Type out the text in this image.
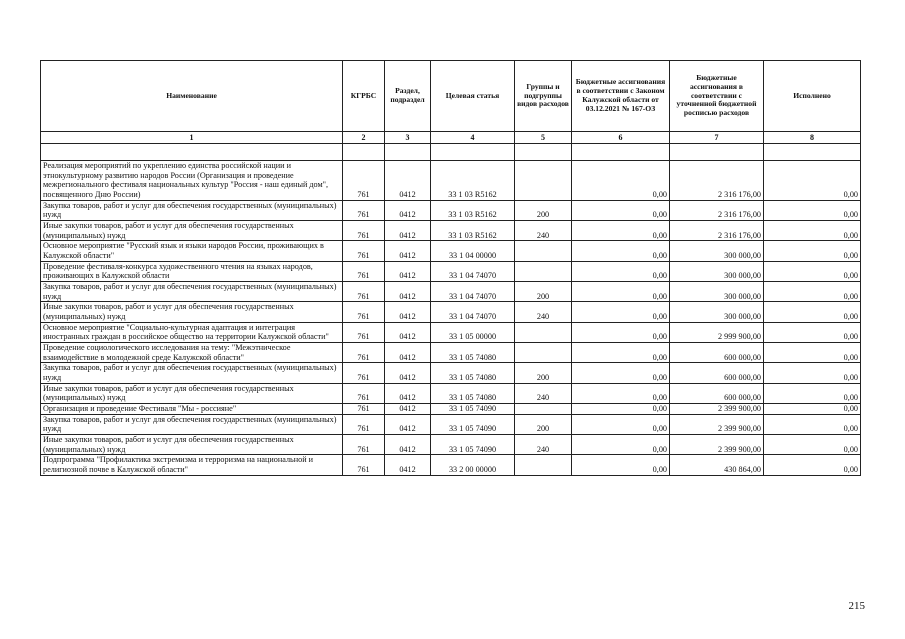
Наименование	КГРБС	Раздел, подраздел	Целевая статья	Группы и подгруппы видов расходов	Бюджетные ассигнования в соответствии с Законом Калужской области от 03.12.2021 № 167-ОЗ	Бюджетные ассигнования в соответствии с уточненной бюджетной росписью расходов	Исполнено
1	2	3	4	5	6	7	8

Реализация мероприятий по укреплению единства российской нации и этнокультурному развитию народов России (Организация и проведение межрегионального фестиваля национальных культур "Россия - наш единый дом", посвященного Дню России)	761	0412	33 1 03 R5162		0,00	2 316 176,00	0,00
Закупка товаров, работ и услуг для обеспечения государственных (муниципальных) нужд	761	0412	33 1 03 R5162	200	0,00	2 316 176,00	0,00
Иные закупки товаров, работ и услуг для обеспечения государственных (муниципальных) нужд	761	0412	33 1 03 R5162	240	0,00	2 316 176,00	0,00
Основное мероприятие "Русский язык и языки народов России, проживающих в Калужской области"	761	0412	33 1 04 00000		0,00	300 000,00	0,00
Проведение фестиваля-конкурса художественного чтения на языках народов, проживающих в Калужской области	761	0412	33 1 04 74070		0,00	300 000,00	0,00
Закупка товаров, работ и услуг для обеспечения государственных (муниципальных) нужд	761	0412	33 1 04 74070	200	0,00	300 000,00	0,00
Иные закупки товаров, работ и услуг для обеспечения государственных (муниципальных) нужд	761	0412	33 1 04 74070	240	0,00	300 000,00	0,00
Основное мероприятие "Социально-культурная адаптация и интеграция иностранных граждан в российское общество на территории Калужской области"	761	0412	33 1 05 00000		0,00	2 999 900,00	0,00
Проведение социологического исследования на тему: "Межэтническое взаимодействие в молодежной среде Калужской области"	761	0412	33 1 05 74080		0,00	600 000,00	0,00
Закупка товаров, работ и услуг для обеспечения государственных (муниципальных) нужд	761	0412	33 1 05 74080	200	0,00	600 000,00	0,00
Иные закупки товаров, работ и услуг для обеспечения государственных (муниципальных) нужд	761	0412	33 1 05 74080	240	0,00	600 000,00	0,00
Организация и проведение Фестиваля "Мы - россияне"	761	0412	33 1 05 74090		0,00	2 399 900,00	0,00
Закупка товаров, работ и услуг для обеспечения государственных (муниципальных) нужд	761	0412	33 1 05 74090	200	0,00	2 399 900,00	0,00
Иные закупки товаров, работ и услуг для обеспечения государственных (муниципальных) нужд	761	0412	33 1 05 74090	240	0,00	2 399 900,00	0,00
Подпрограмма "Профилактика экстремизма и терроризма на национальной и религиозной почве в Калужской области"	761	0412	33 2 00 00000		0,00	430 864,00	0,00
215
